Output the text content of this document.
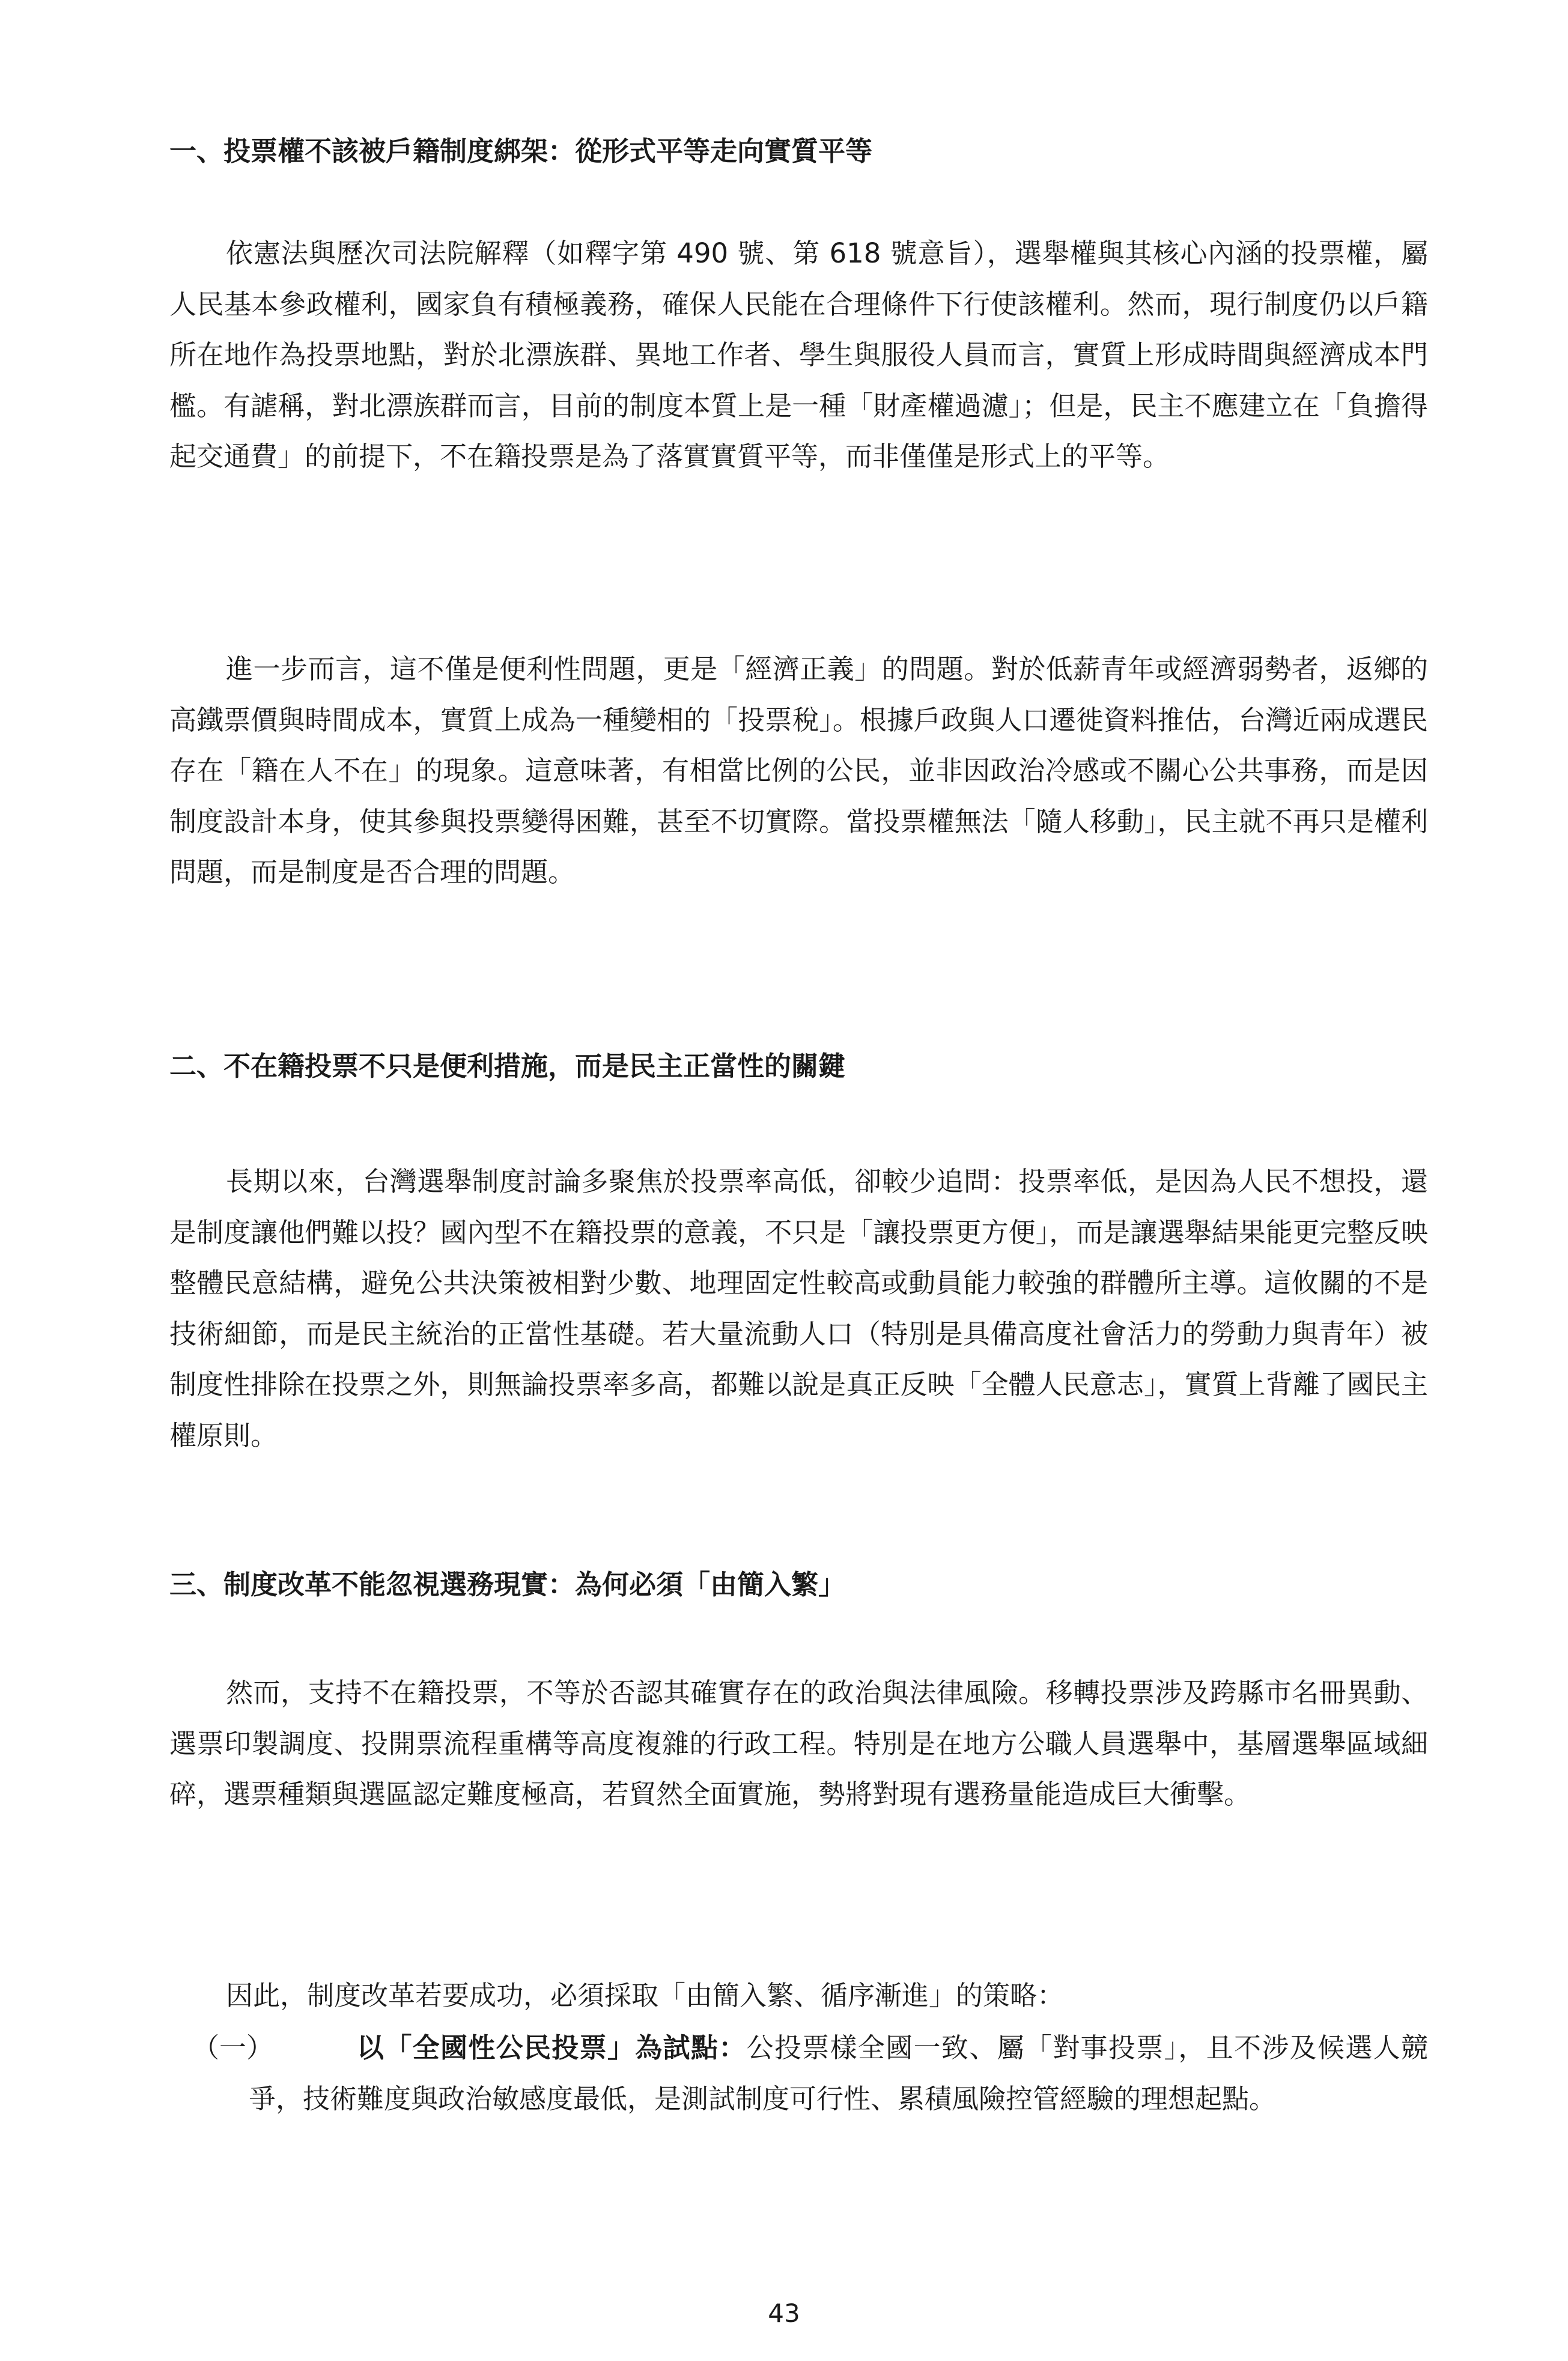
一、投票權不該被戶籍制度綁架：從形式平等走向實質平等

依憲法與歷次司法院解釋（如釋字第 490 號、第 618 號意旨），選舉權與其核心內涵的投票權，屬人民基本參政權利，國家負有積極義務，確保人民能在合理條件下行使該權利。然而，現行制度仍以戶籍所在地作為投票地點，對於北漂族群、異地工作者、學生與服役人員而言，實質上形成時間與經濟成本門檻。有謔稱，對北漂族群而言，目前的制度本質上是一種「財產權過濾」；但是，民主不應建立在「負擔得起交通費」的前提下，不在籍投票是為了落實實質平等，而非僅僅是形式上的平等。

進一步而言，這不僅是便利性問題，更是「經濟正義」的問題。對於低薪青年或經濟弱勢者，返鄉的高鐵票價與時間成本，實質上成為一種變相的「投票稅」。根據戶政與人口遷徙資料推估，台灣近兩成選民存在「籍在人不在」的現象。這意味著，有相當比例的公民，並非因政治冷感或不關心公共事務，而是因制度設計本身，使其參與投票變得困難，甚至不切實際。當投票權無法「隨人移動」，民主就不再只是權利問題，而是制度是否合理的問題。

二、不在籍投票不只是便利措施，而是民主正當性的關鍵

長期以來，台灣選舉制度討論多聚焦於投票率高低，卻較少追問：投票率低，是因為人民不想投，還是制度讓他們難以投？國內型不在籍投票的意義，不只是「讓投票更方便」，而是讓選舉結果能更完整反映整體民意結構，避免公共決策被相對少數、地理固定性較高或動員能力較強的群體所主導。這攸關的不是技術細節，而是民主統治的正當性基礎。若大量流動人口（特別是具備高度社會活力的勞動力與青年）被制度性排除在投票之外，則無論投票率多高，都難以說是真正反映「全體人民意志」，實質上背離了國民主權原則。

三、制度改革不能忽視選務現實：為何必須「由簡入繁」

然而，支持不在籍投票，不等於否認其確實存在的政治與法律風險。移轉投票涉及跨縣市名冊異動、選票印製調度、投開票流程重構等高度複雜的行政工程。特別是在地方公職人員選舉中，基層選舉區域細碎，選票種類與選區認定難度極高，若貿然全面實施，勢將對現有選務量能造成巨大衝擊。

因此，制度改革若要成功，必須採取「由簡入繁、循序漸進」的策略：

（一）	以「全國性公民投票」為試點：公投票樣全國一致、屬「對事投票」，且不涉及候選人競爭，技術難度與政治敏感度最低，是測試制度可行性、累積風險控管經驗的理想起點。

43
